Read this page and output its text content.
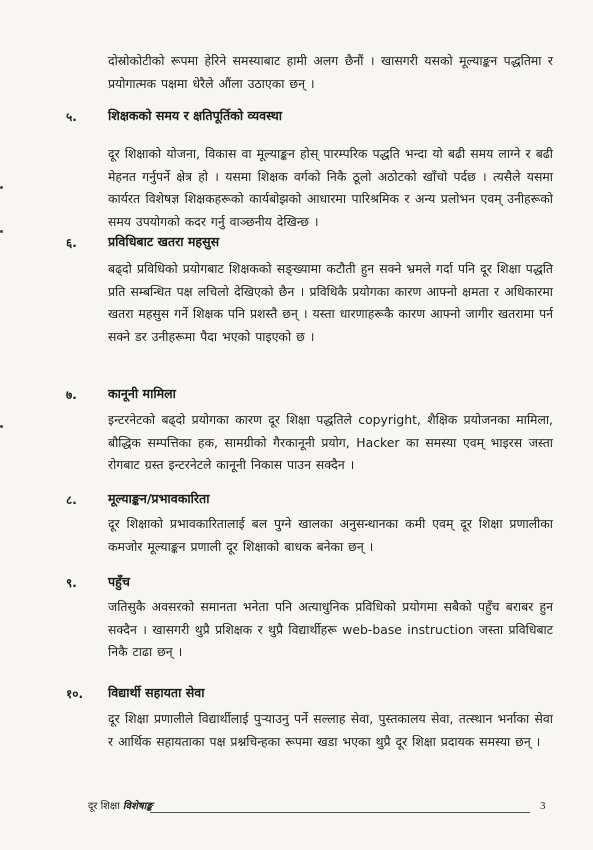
दोस्रोकोटीको रूपमा हेरिने समस्याबाट हामी अलग छैनौं । खासगरी यसको मूल्याङ्कन पद्धतिमा र प्रयोगात्मक पक्षमा धेरैले औंला उठाएका छन् ।

५. शिक्षकको समय र क्षतिपूर्तिको व्यवस्था

दूर शिक्षाको योजना, विकास वा मूल्याङ्कन होस् पारम्परिक पद्धति भन्दा यो बढी समय लाग्ने र बढी मेहनत गर्नुपर्ने क्षेत्र हो । यसमा शिक्षक वर्गको निकै ठूलो अठोटको खाँचो पर्दछ । त्यसैले यसमा कार्यरत विशेषज्ञ शिक्षकहरूको कार्यबोझको आधारमा पारिश्रमिक र अन्य प्रलोभन एवम् उनीहरूको समय उपयोगको कदर गर्नु वाञ्छनीय देखिन्छ ।

६. प्रविधिबाट खतरा महसुस

बढ्दो प्रविधिको प्रयोगबाट शिक्षकको सङ्ख्यामा कटौती हुन सक्ने भ्रमले गर्दा पनि दूर शिक्षा पद्धति प्रति सम्बन्धित पक्ष लचिलो देखिएको छैन । प्रविधिकै प्रयोगका कारण आफ्नो क्षमता र अधिकारमा खतरा महसुस गर्ने शिक्षक पनि प्रशस्तै छन् । यस्ता धारणाहरूकै कारण आफ्नो जागीर खतरामा पर्न सक्ने डर उनीहरूमा पैदा भएको पाइएको छ ।

७. कानूनी मामिला

इन्टरनेटको बढ्दो प्रयोगका कारण दूर शिक्षा पद्धतिले copyright, शैक्षिक प्रयोजनका मामिला, बौद्धिक सम्पत्तिका हक, सामग्रीको गैरकानूनी प्रयोग, Hacker का समस्या एवम् भाइरस जस्ता रोगबाट ग्रस्त इन्टरनेटले कानूनी निकास पाउन सक्दैन ।

८. मूल्याङ्कन/प्रभावकारिता

दूर शिक्षाको प्रभावकारितालाई बल पुग्ने खालका अनुसन्धानका कमी एवम् दूर शिक्षा प्रणालीका कमजोर मूल्याङ्कन प्रणाली दूर शिक्षाको बाधक बनेका छन् ।

९. पहुँच

जतिसुकै अवसरको समानता भनेता पनि अत्याधुनिक प्रविधिको प्रयोगमा सबैको पहुँच बराबर हुन सक्दैन । खासगरी थुप्रै प्रशिक्षक र थुप्रै विद्यार्थीहरू web-base instruction जस्ता प्रविधिबाट निकै टाढा छन् ।

१०. विद्यार्थी सहायता सेवा

दूर शिक्षा प्रणालीले विद्यार्थीलाई पुऱ्याउनु पर्ने सल्लाह सेवा, पुस्तकालय सेवा, तत्स्थान भर्नाका सेवा र आर्थिक सहायताका पक्ष प्रश्नचिन्हका रूपमा खडा भएका थुप्रै दूर शिक्षा प्रदायक समस्या छन् ।

दूर शिक्षा विशेषाङ्क	3
